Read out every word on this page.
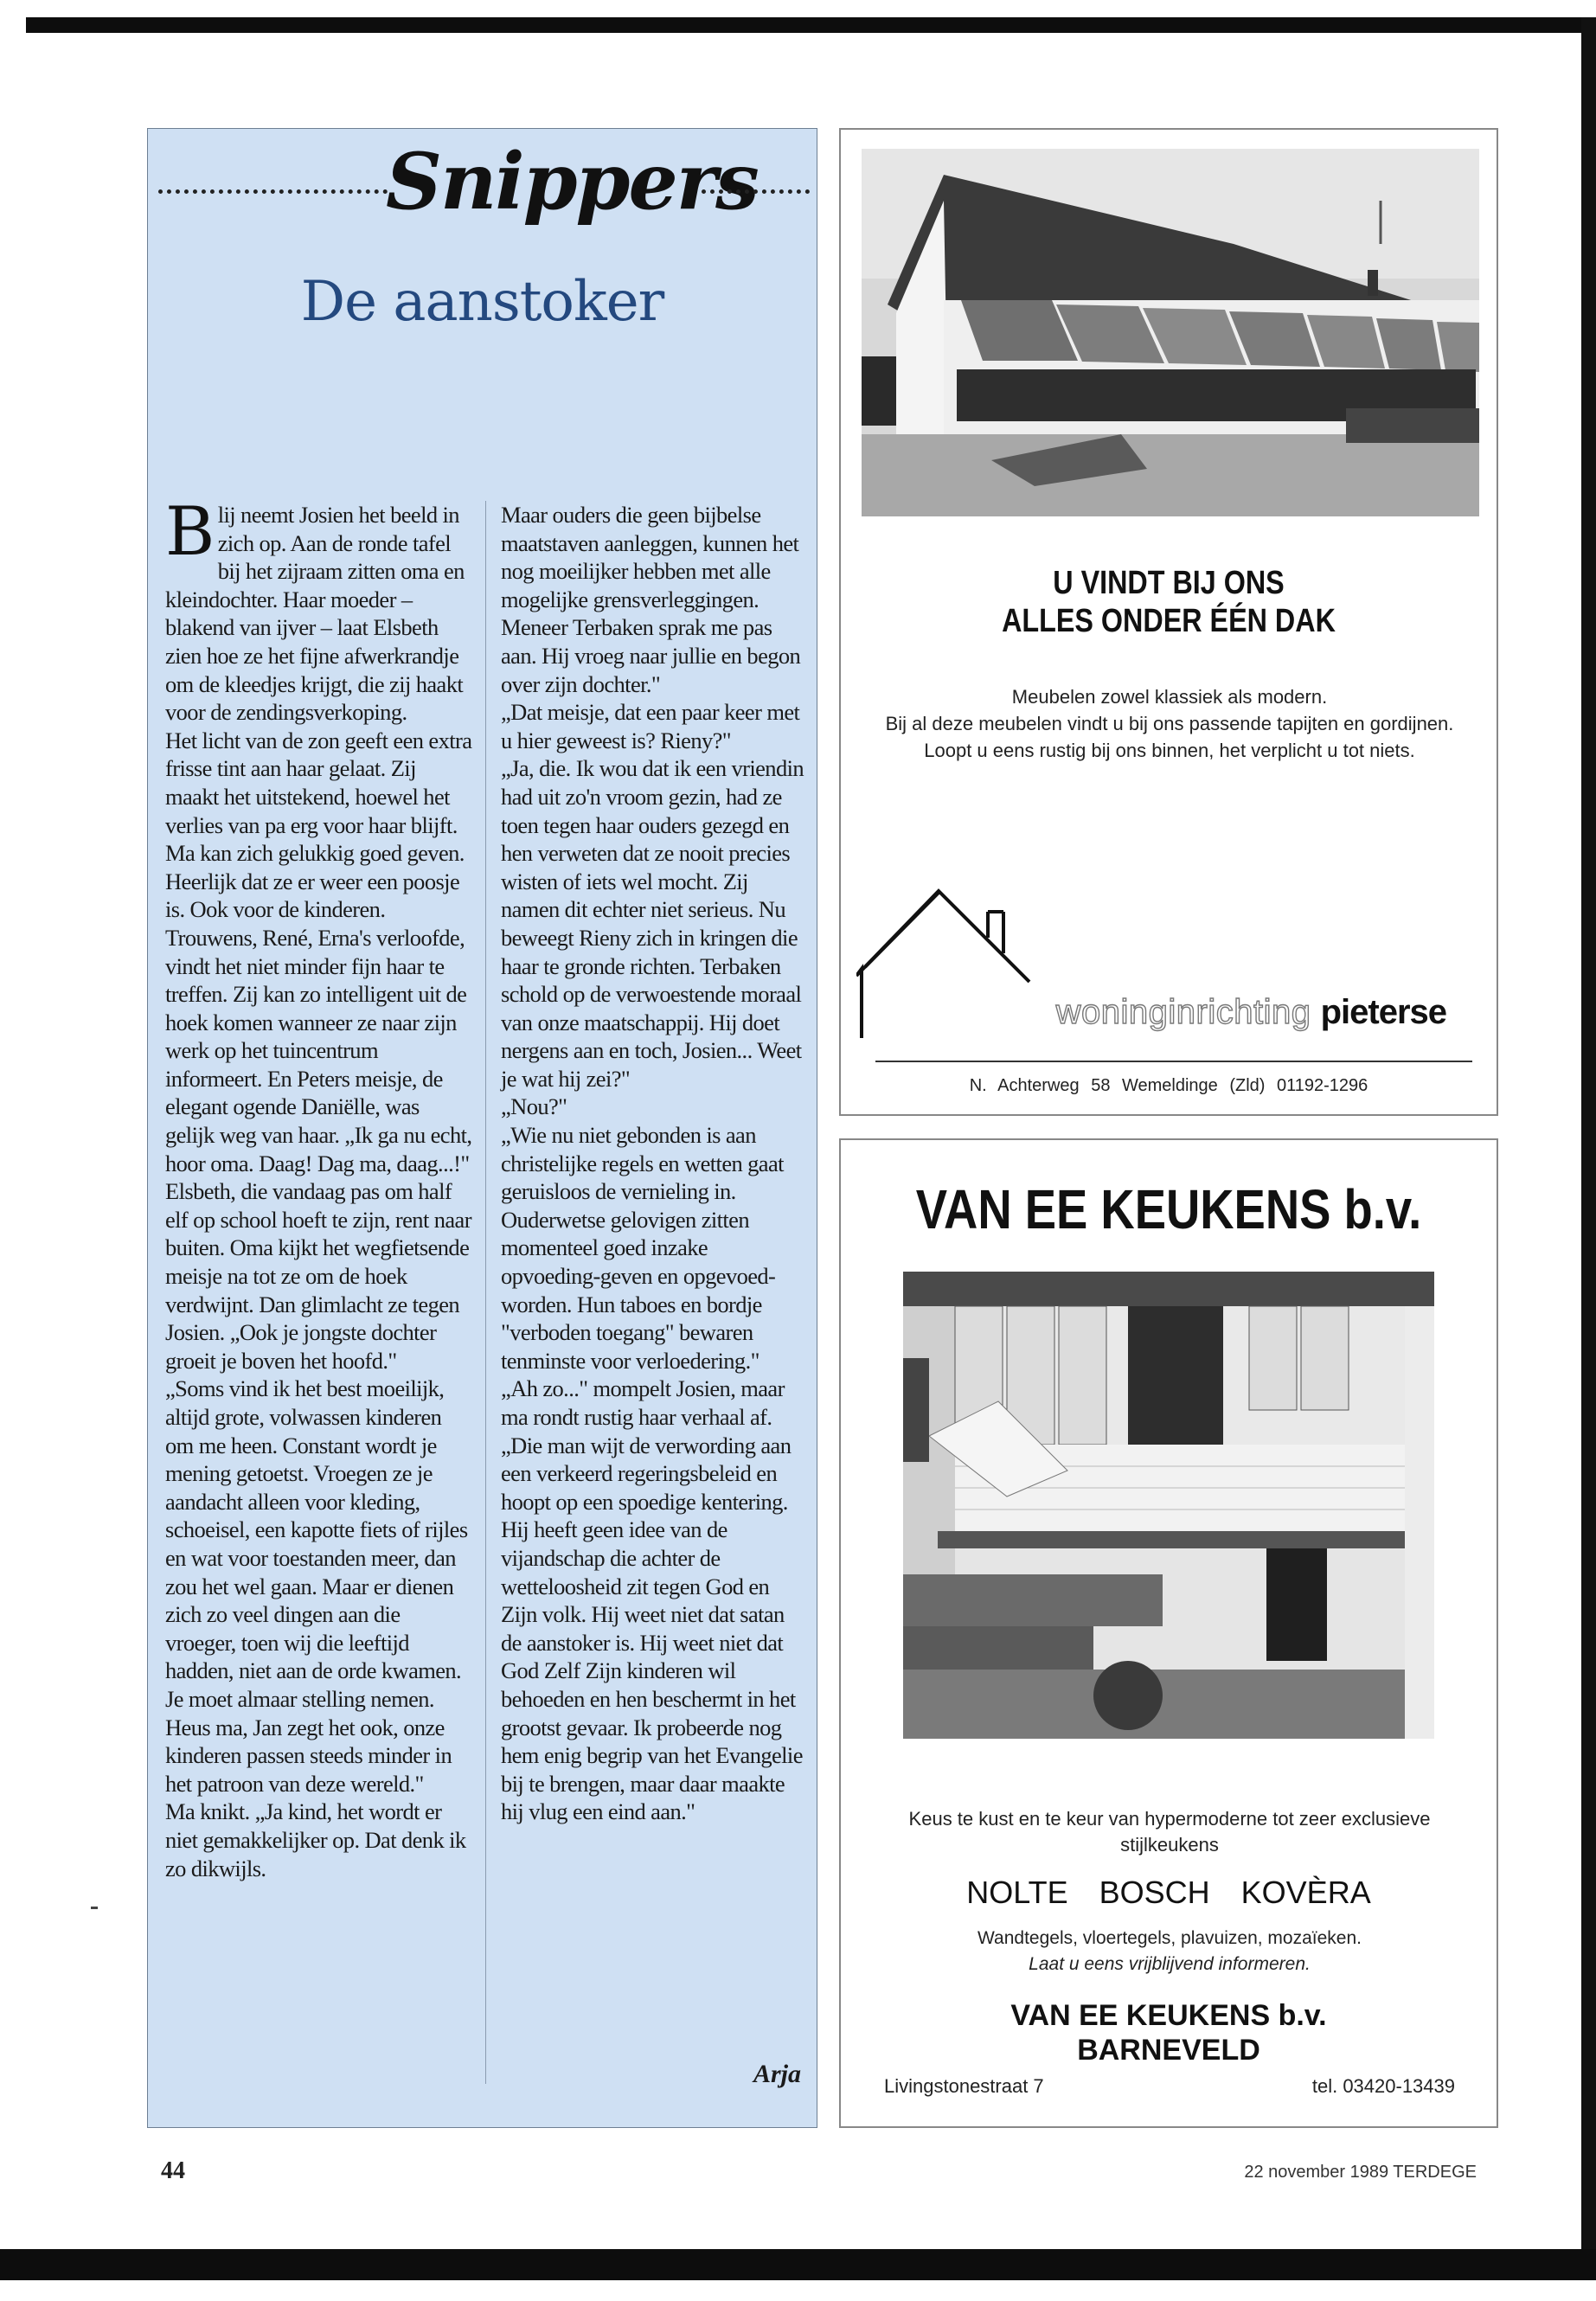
Snippers
De aanstoker

Blij neemt Josien het beeld in zich op. Aan de ronde tafel bij het zijraam zitten oma en kleindochter. Haar moeder – blakend van ijver – laat Elsbeth zien hoe ze het fijne afwerkrandje om de kleedjes krijgt, die zij haakt voor de zendingsverkoping.

Het licht van de zon geeft een extra frisse tint aan haar gelaat. Zij maakt het uitstekend, hoewel het verlies van pa erg voor haar blijft. Ma kan zich gelukkig goed geven. Heerlijk dat ze er weer een poosje is. Ook voor de kinderen. Trouwens, René, Erna's verloofde, vindt het niet minder fijn haar te treffen. Zij kan zo intelligent uit de hoek komen wanneer ze naar zijn werk op het tuincentrum informeert. En Peters meisje, de elegant ogende Daniëlle, was gelijk weg van haar. „Ik ga nu echt, hoor oma. Daag! Dag ma, daag...!"

Elsbeth, die vandaag pas om half elf op school hoeft te zijn, rent naar buiten. Oma kijkt het wegfietsende meisje na tot ze om de hoek verdwijnt. Dan glimlacht ze tegen Josien. „Ook je jongste dochter groeit je boven het hoofd."

„Soms vind ik het best moeilijk, altijd grote, volwassen kinderen om me heen. Constant wordt je mening getoetst. Vroegen ze je aandacht alleen voor kleding, schoeisel, een kapotte fiets of rijles en wat voor toestanden meer, dan zou het wel gaan. Maar er dienen zich zo veel dingen aan die vroeger, toen wij die leeftijd hadden, niet aan de orde kwamen. Je moet almaar stelling nemen. Heus ma, Jan zegt het ook, onze kinderen passen steeds minder in het patroon van deze wereld."

Ma knikt. „Ja kind, het wordt er niet gemakkelijker op. Dat denk ik zo dikwijls.

Maar ouders die geen bijbelse maatstaven aanleggen, kunnen het nog moeilijker hebben met alle mogelijke grensverleggingen. Meneer Terbaken sprak me pas aan. Hij vroeg naar jullie en begon over zijn dochter."

„Dat meisje, dat een paar keer met u hier geweest is? Rieny?"

„Ja, die. Ik wou dat ik een vriendin had uit zo'n vroom gezin, had ze toen tegen haar ouders gezegd en hen verweten dat ze nooit precies wisten of iets wel mocht. Zij namen dit echter niet serieus. Nu beweegt Rieny zich in kringen die haar te gronde richten. Terbaken schold op de verwoestende moraal van onze maatschappij. Hij doet nergens aan en toch, Josien... Weet je wat hij zei?"

„Nou?"

„Wie nu niet gebonden is aan christelijke regels en wetten gaat geruisloos de vernieling in. Ouderwetse gelovigen zitten momenteel goed inzake opvoeding-geven en opgevoed-worden. Hun taboes en bordje "verboden toegang" bewaren tenminste voor verloedering."

„Ah zo..." mompelt Josien, maar ma rondt rustig haar verhaal af. „Die man wijt de verwording aan een verkeerd regeringsbeleid en hoopt op een spoedige kentering. Hij heeft geen idee van de vijandschap die achter de wetteloosheid zit tegen God en Zijn volk. Hij weet niet dat satan de aanstoker is. Hij weet niet dat God Zelf Zijn kinderen wil behoeden en hen beschermt in het grootst gevaar. Ik probeerde nog hem enig begrip van het Evangelie bij te brengen, maar daar maakte hij vlug een eind aan."

Arja
U VINDT BIJ ONS
ALLES ONDER ÉÉN DAK
Meubelen zowel klassiek als modern.
Bij al deze meubelen vindt u bij ons passende tapijten en gordijnen.
Loopt u eens rustig bij ons binnen, het verplicht u tot niets.
woninginrichting pieterse
N. Achterweg 58 Wemeldinge (Zld) 01192-1296
VAN EE KEUKENS b.v.
Keus te kust en te keur van hypermoderne tot zeer exclusieve stijlkeukens
NOLTE BOSCH KOVÈRA
Wandtegels, vloertegels, plavuizen, mozaïeken.
Laat u eens vrijblijvend informeren.
VAN EE KEUKENS b.v.
BARNEVELD
Livingstonestraat 7	tel. 03420-13439
44	22 november 1989 TERDEGE
